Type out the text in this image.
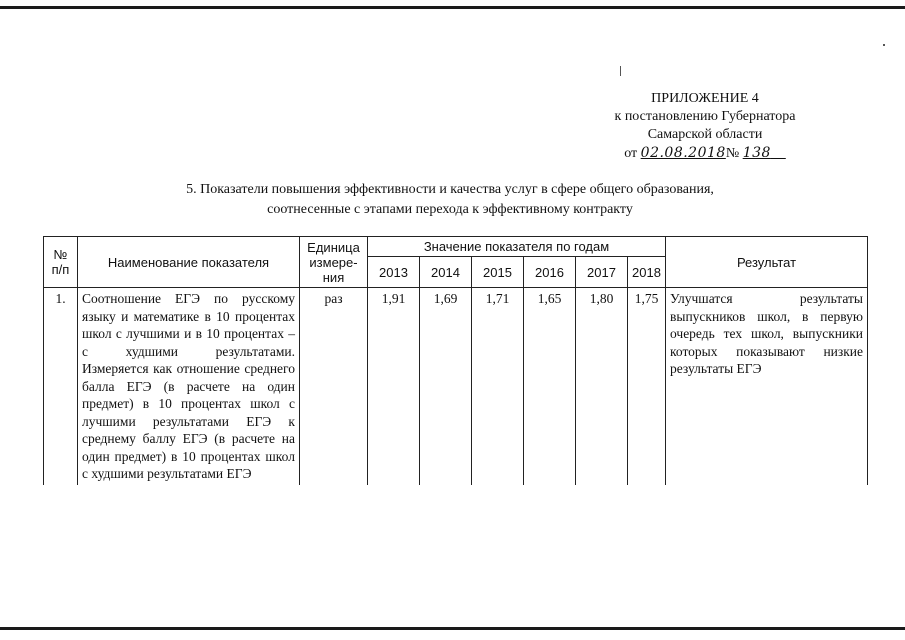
ПРИЛОЖЕНИЕ 4
к постановлению Губернатора
Самарской области
от 02.08.2018№ 138
5. Показатели повышения эффективности и качества услуг в сфере общего образования,
соотнесенные с этапами перехода к эффективному контракту
№ п/п	Наименование показателя	Единица измере-ния	Значение показателя по годам						Результат
			2013	2014	2015	2016	2017	2018	
1.	Соотношение ЕГЭ по русскому языку и математике в 10 процентах школ с лучшими и в 10 процентах – с худшими результатами. Измеряется как отношение среднего балла ЕГЭ (в расчете на один предмет) в 10 процентах школ с лучшими результатами ЕГЭ к среднему баллу ЕГЭ (в расчете на один предмет) в 10 процентах школ с худшими результатами ЕГЭ	раз	1,91	1,69	1,71	1,65	1,80	1,75	Улучшатся результаты выпускников школ, в первую очередь тех школ, выпускники которых показывают низкие результаты ЕГЭ
